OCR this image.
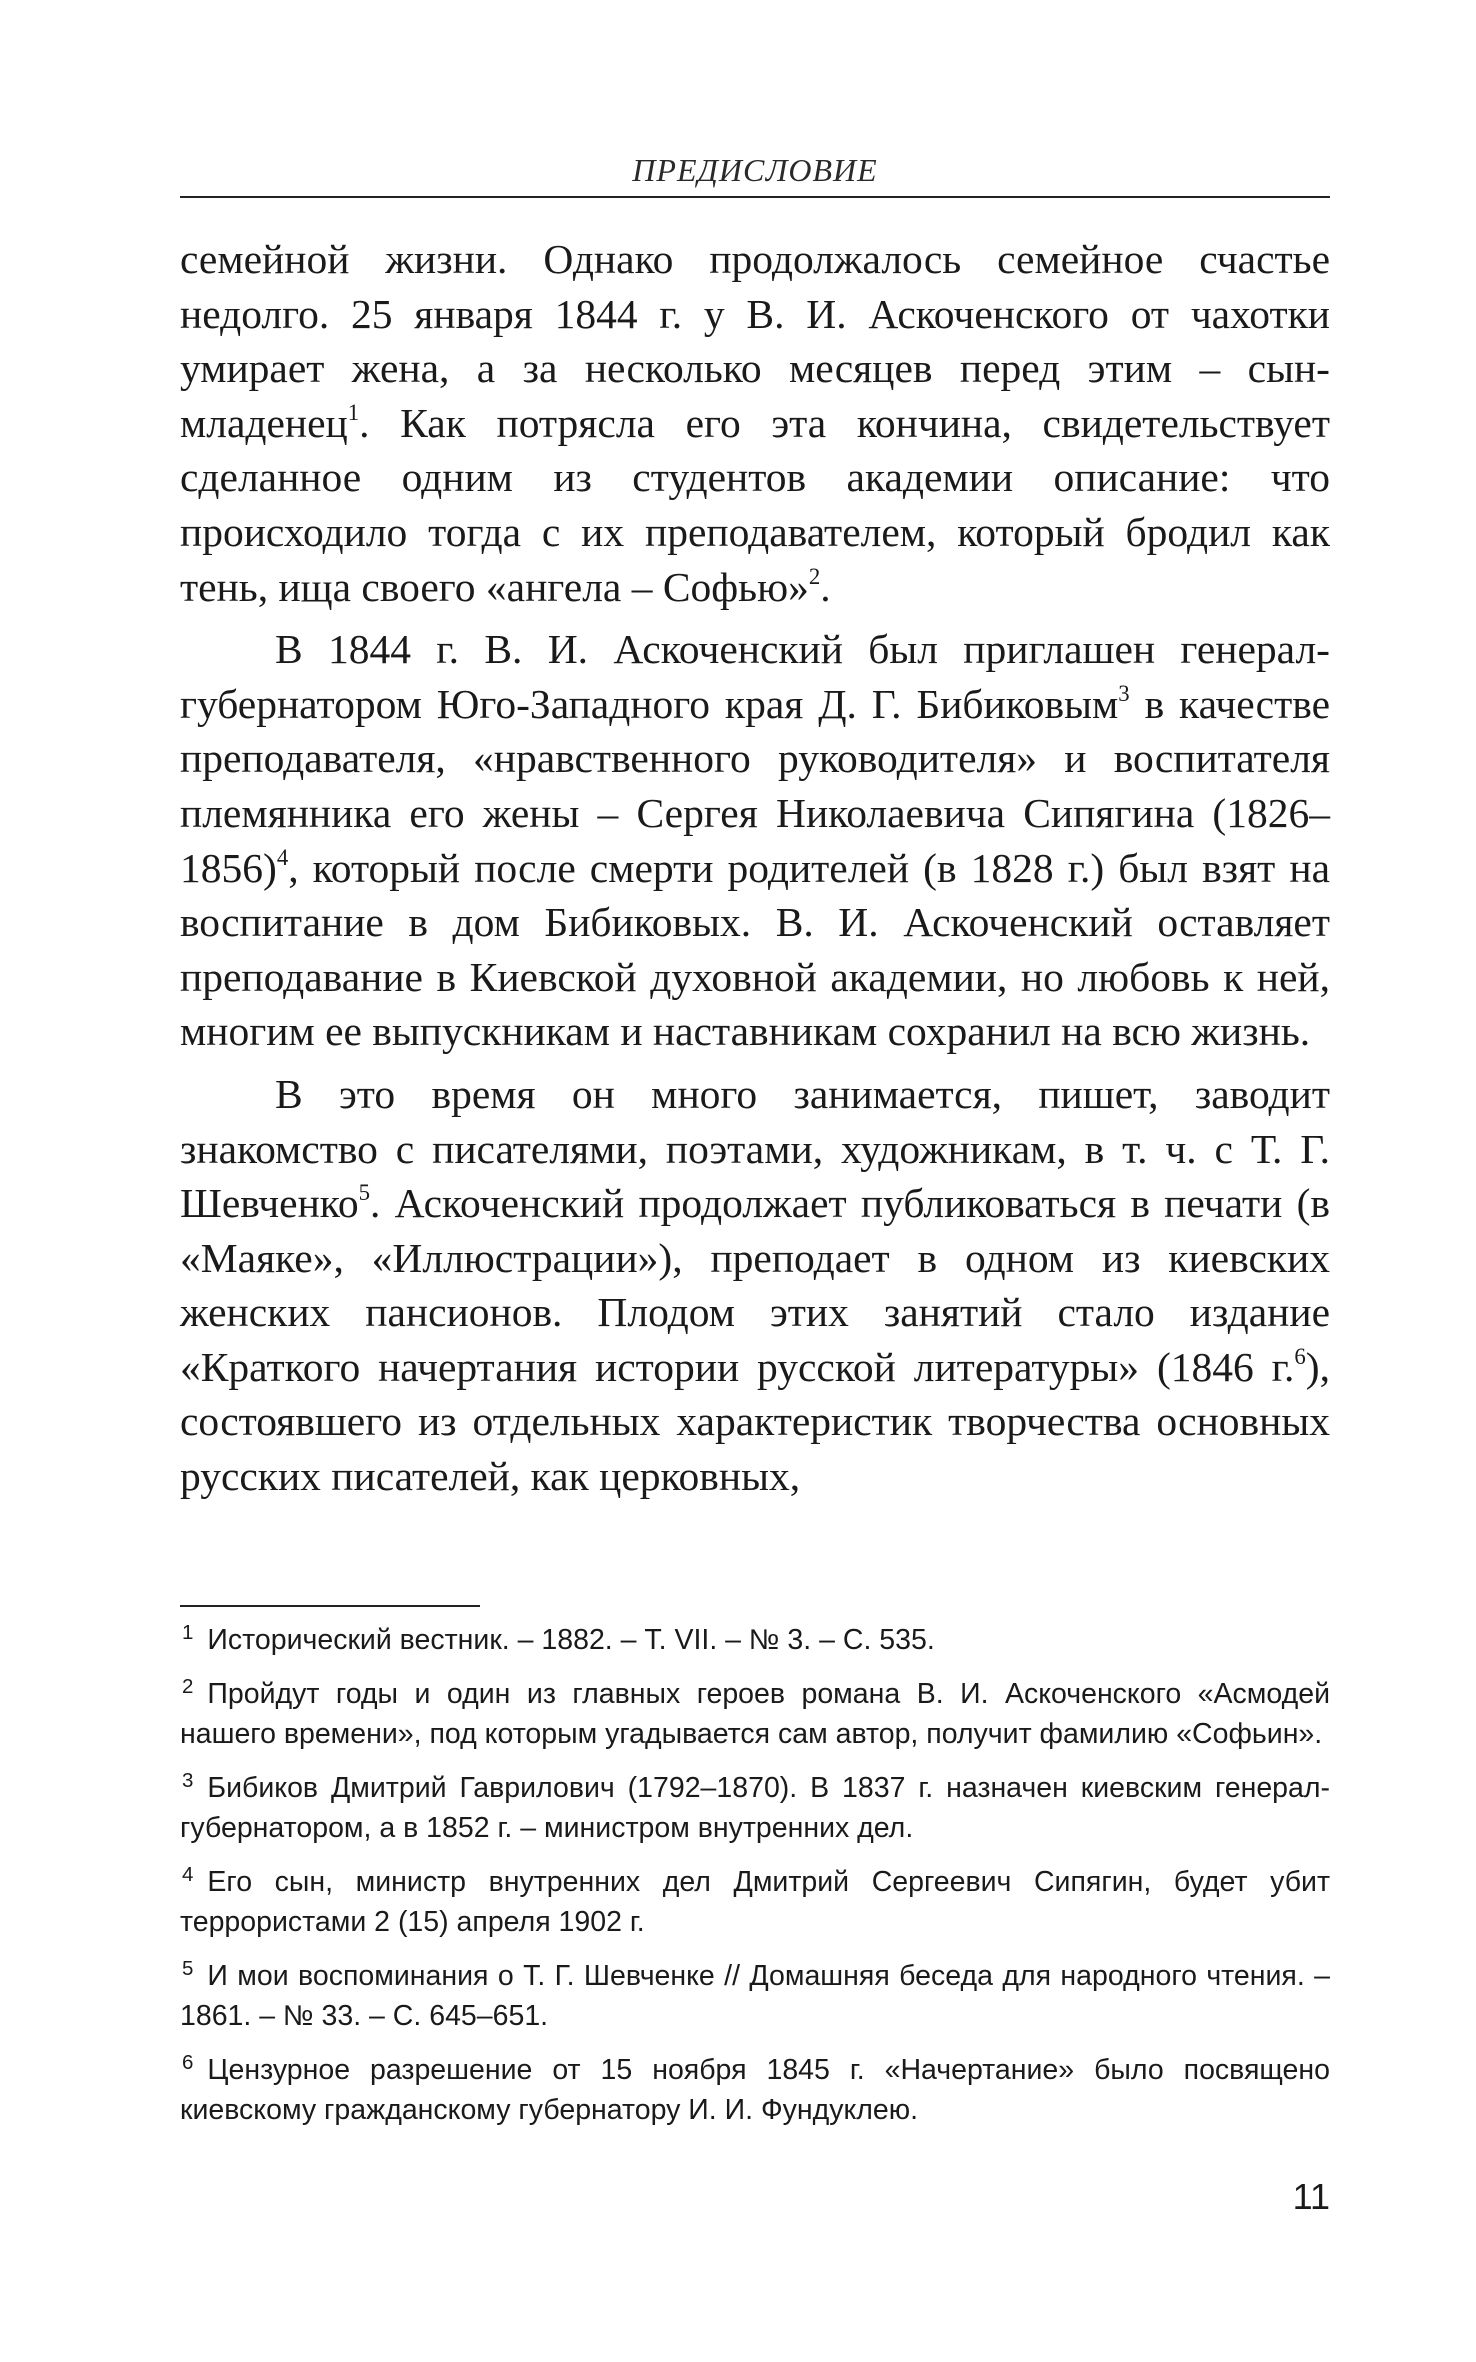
ПРЕДИСЛОВИЕ

семейной жизни. Однако продолжалось семейное счастье недолго. 25 января 1844 г. у В. И. Аскоченского от чахотки умирает жена, а за несколько месяцев перед этим – сын-младенец$^1$. Как потрясла его эта кончина, свидетельствует сделанное одним из студентов академии описание: что происходило тогда с их преподавателем, который бродил как тень, ища своего «ангела – Софью»$^2$.

В 1844 г. В. И. Аскоченский был приглашен генерал-губернатором Юго-Западного края Д. Г. Бибиковым$^3$ в качестве преподавателя, «нравственного руководителя» и воспитателя племянника его жены – Сергея Николаевича Сипягина (1826–1856)$^4$, который после смерти родителей (в 1828 г.) был взят на воспитание в дом Бибиковых. В. И. Аскоченский оставляет преподавание в Киевской духовной академии, но любовь к ней, многим ее выпускникам и наставникам сохранил на всю жизнь.

В это время он много занимается, пишет, заводит знакомство с писателями, поэтами, художникам, в т. ч. с Т. Г. Шевченко$^5$. Аскоченский продолжает публиковаться в печати (в «Маяке», «Иллюстрации»), преподает в одном из киевских женских пансионов. Плодом этих занятий стало издание «Краткого начертания истории русской литературы» (1846 г.$^6$), состоявшего из отдельных характеристик творчества основных русских писателей, как церковных,

$^1$ Исторический вестник. – 1882. – Т. VII. – № 3. – С. 535.

$^2$ Пройдут годы и один из главных героев романа В. И. Аскоченского «Асмодей нашего времени», под которым угадывается сам автор, получит фамилию «Софьин».

$^3$ Бибиков Дмитрий Гаврилович (1792–1870). В 1837 г. назначен киевским генерал-губернатором, а в 1852 г. – министром внутренних дел.

$^4$ Его сын, министр внутренних дел Дмитрий Сергеевич Сипягин, будет убит террористами 2 (15) апреля 1902 г.

$^5$ И мои воспоминания о Т. Г. Шевченке // Домашняя беседа для народного чтения. – 1861. – № 33. – С. 645–651.

$^6$ Цензурное разрешение от 15 ноября 1845 г. «Начертание» было посвящено киевскому гражданскому губернатору И. И. Фундуклею.

11
